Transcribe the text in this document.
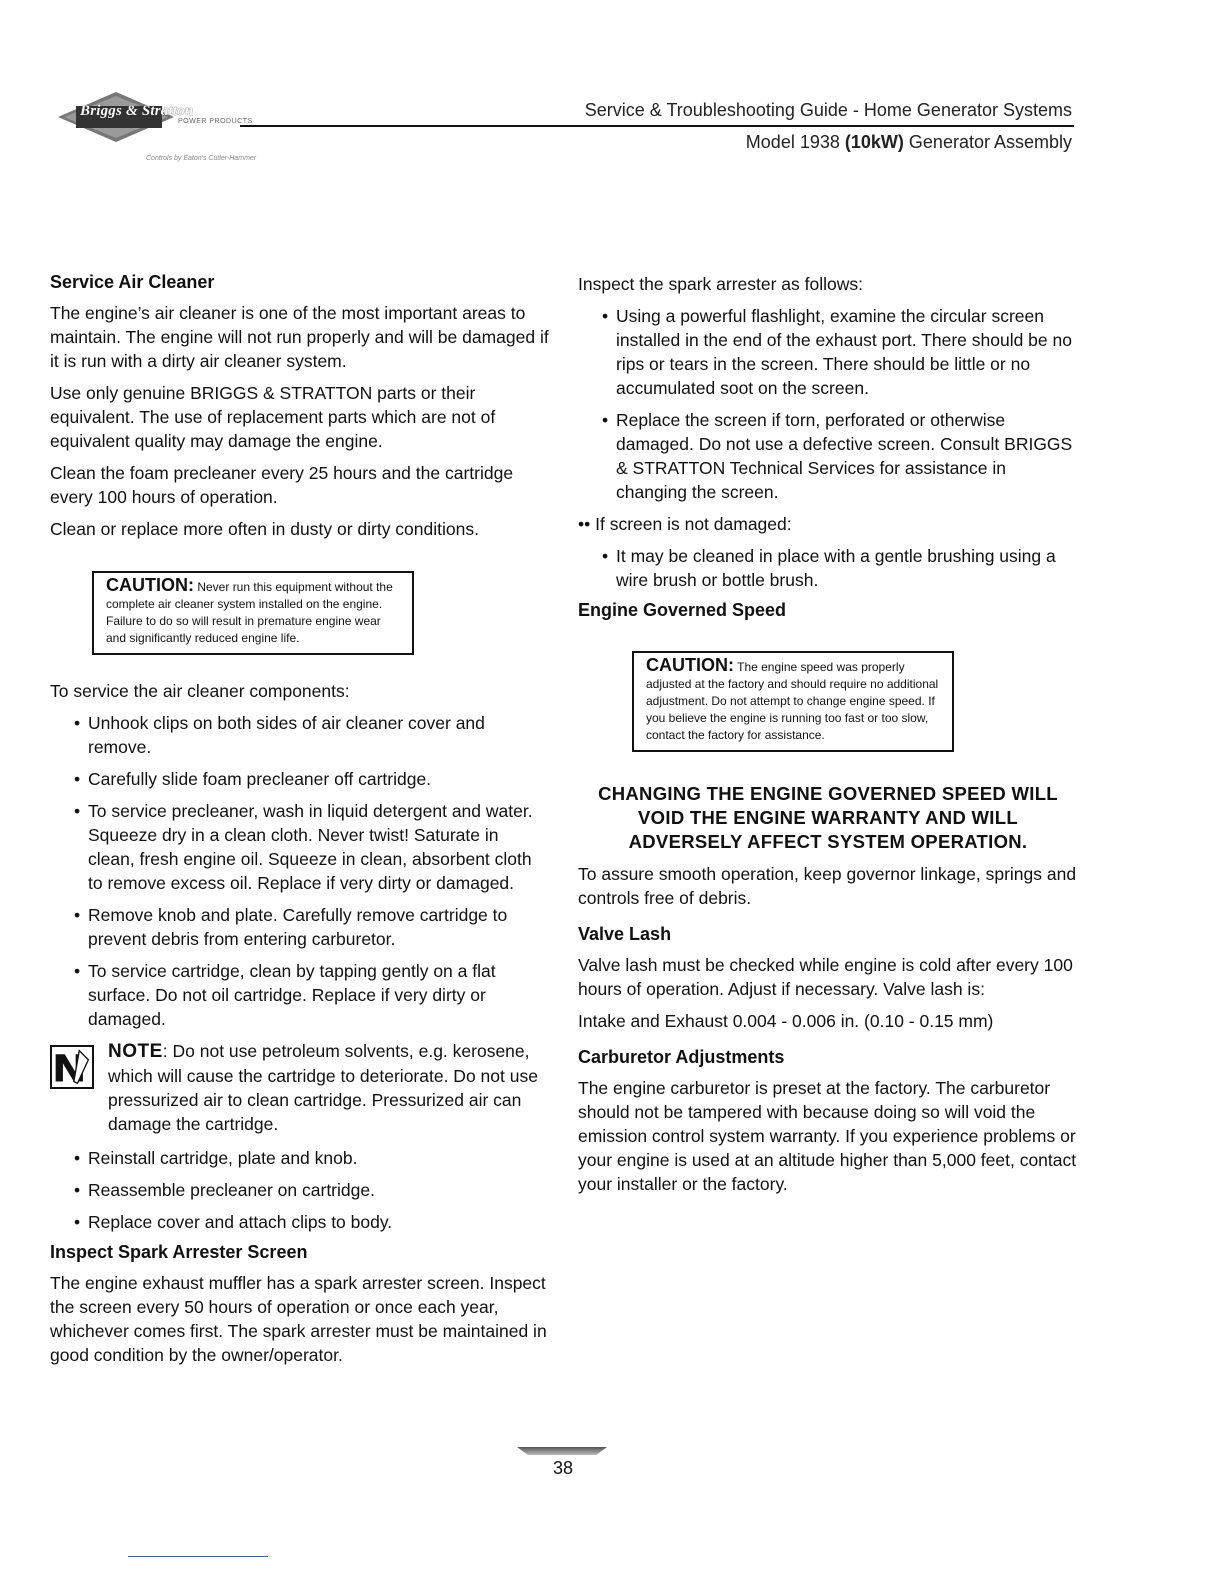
Briggs & Stratton
POWER PRODUCTS
Controls by Eaton's Cutler-Hammer
Service & Troubleshooting Guide - Home Generator Systems
Model 1938 (10kW) Generator Assembly
Service Air Cleaner

The engine’s air cleaner is one of the most important areas to maintain. The engine will not run properly and will be damaged if it is run with a dirty air cleaner system.

Use only genuine BRIGGS & STRATTON parts or their equivalent. The use of replacement parts which are not of equivalent quality may damage the engine.

Clean the foam precleaner every 25 hours and the cartridge every 100 hours of operation.

Clean or replace more often in dusty or dirty conditions.

CAUTION: Never run this equipment without the complete air cleaner system installed on the engine. Failure to do so will result in premature engine wear and significantly reduced engine life.

To service the air cleaner components:

• Unhook clips on both sides of air cleaner cover and remove.
• Carefully slide foam precleaner off cartridge.
• To service precleaner, wash in liquid detergent and water. Squeeze dry in a clean cloth. Never twist! Saturate in clean, fresh engine oil. Squeeze in clean, absorbent cloth to remove excess oil. Replace if very dirty or damaged.
• Remove knob and plate. Carefully remove cartridge to prevent debris from entering carburetor.
• To service cartridge, clean by tapping gently on a flat surface. Do not oil cartridge. Replace if very dirty or damaged.

NOTE: Do not use petroleum solvents, e.g. kerosene, which will cause the cartridge to deteriorate. Do not use pressurized air to clean cartridge. Pressurized air can damage the cartridge.

• Reinstall cartridge, plate and knob.
• Reassemble precleaner on cartridge.
• Replace cover and attach clips to body.
Inspect Spark Arrester Screen

The engine exhaust muffler has a spark arrester screen. Inspect the screen every 50 hours of operation or once each year, whichever comes first. The spark arrester must be maintained in good condition by the owner/operator.

Inspect the spark arrester as follows:

• Using a powerful flashlight, examine the circular screen installed in the end of the exhaust port. There should be no rips or tears in the screen. There should be little or no accumulated soot on the screen.
• Replace the screen if torn, perforated or otherwise damaged. Do not use a defective screen. Consult BRIGGS & STRATTON Technical Services for assistance in changing the screen.

•• If screen is not damaged:

• It may be cleaned in place with a gentle brushing using a wire brush or bottle brush.
Engine Governed Speed
CAUTION: The engine speed was properly adjusted at the factory and should require no additional adjustment. Do not attempt to change engine speed. If you believe the engine is running too fast or too slow, contact the factory for assistance.
CHANGING THE ENGINE GOVERNED SPEED WILL VOID THE ENGINE WARRANTY AND WILL ADVERSELY AFFECT SYSTEM OPERATION.

To assure smooth operation, keep governor linkage, springs and controls free of debris.

Valve Lash

Valve lash must be checked while engine is cold after every 100 hours of operation. Adjust if necessary. Valve lash is:

Intake and Exhaust 0.004 - 0.006 in. (0.10 - 0.15 mm)

Carburetor Adjustments

The engine carburetor is preset at the factory. The carburetor should not be tampered with because doing so will void the emission control system warranty. If you experience problems or your engine is used at an altitude higher than 5,000 feet, contact your installer or the factory.

38
